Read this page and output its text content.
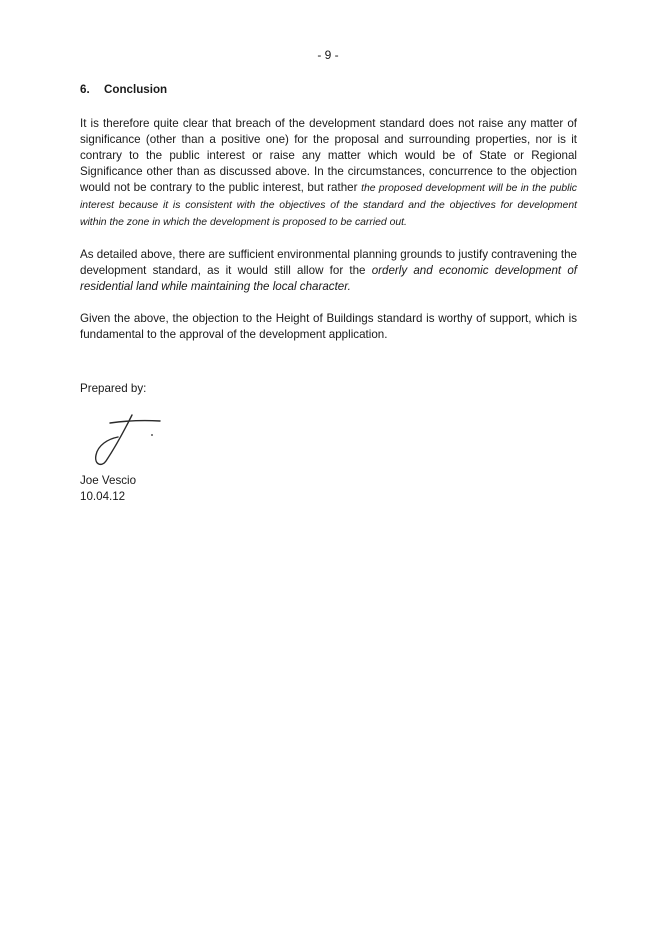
- 9 -
6. Conclusion

It is therefore quite clear that breach of the development standard does not raise any matter of significance (other than a positive one) for the proposal and surrounding properties, nor is it contrary to the public interest or raise any matter which would be of State or Regional Significance other than as discussed above. In the circumstances, concurrence to the objection would not be contrary to the public interest, but rather the proposed development will be in the public interest because it is consistent with the objectives of the standard and the objectives for development within the zone in which the development is proposed to be carried out.

As detailed above, there are sufficient environmental planning grounds to justify contravening the development standard, as it would still allow for the orderly and economic development of residential land while maintaining the local character.

Given the above, the objection to the Height of Buildings standard is worthy of support, which is fundamental to the approval of the development application.

Prepared by:

Joe Vescio

10.04.12
